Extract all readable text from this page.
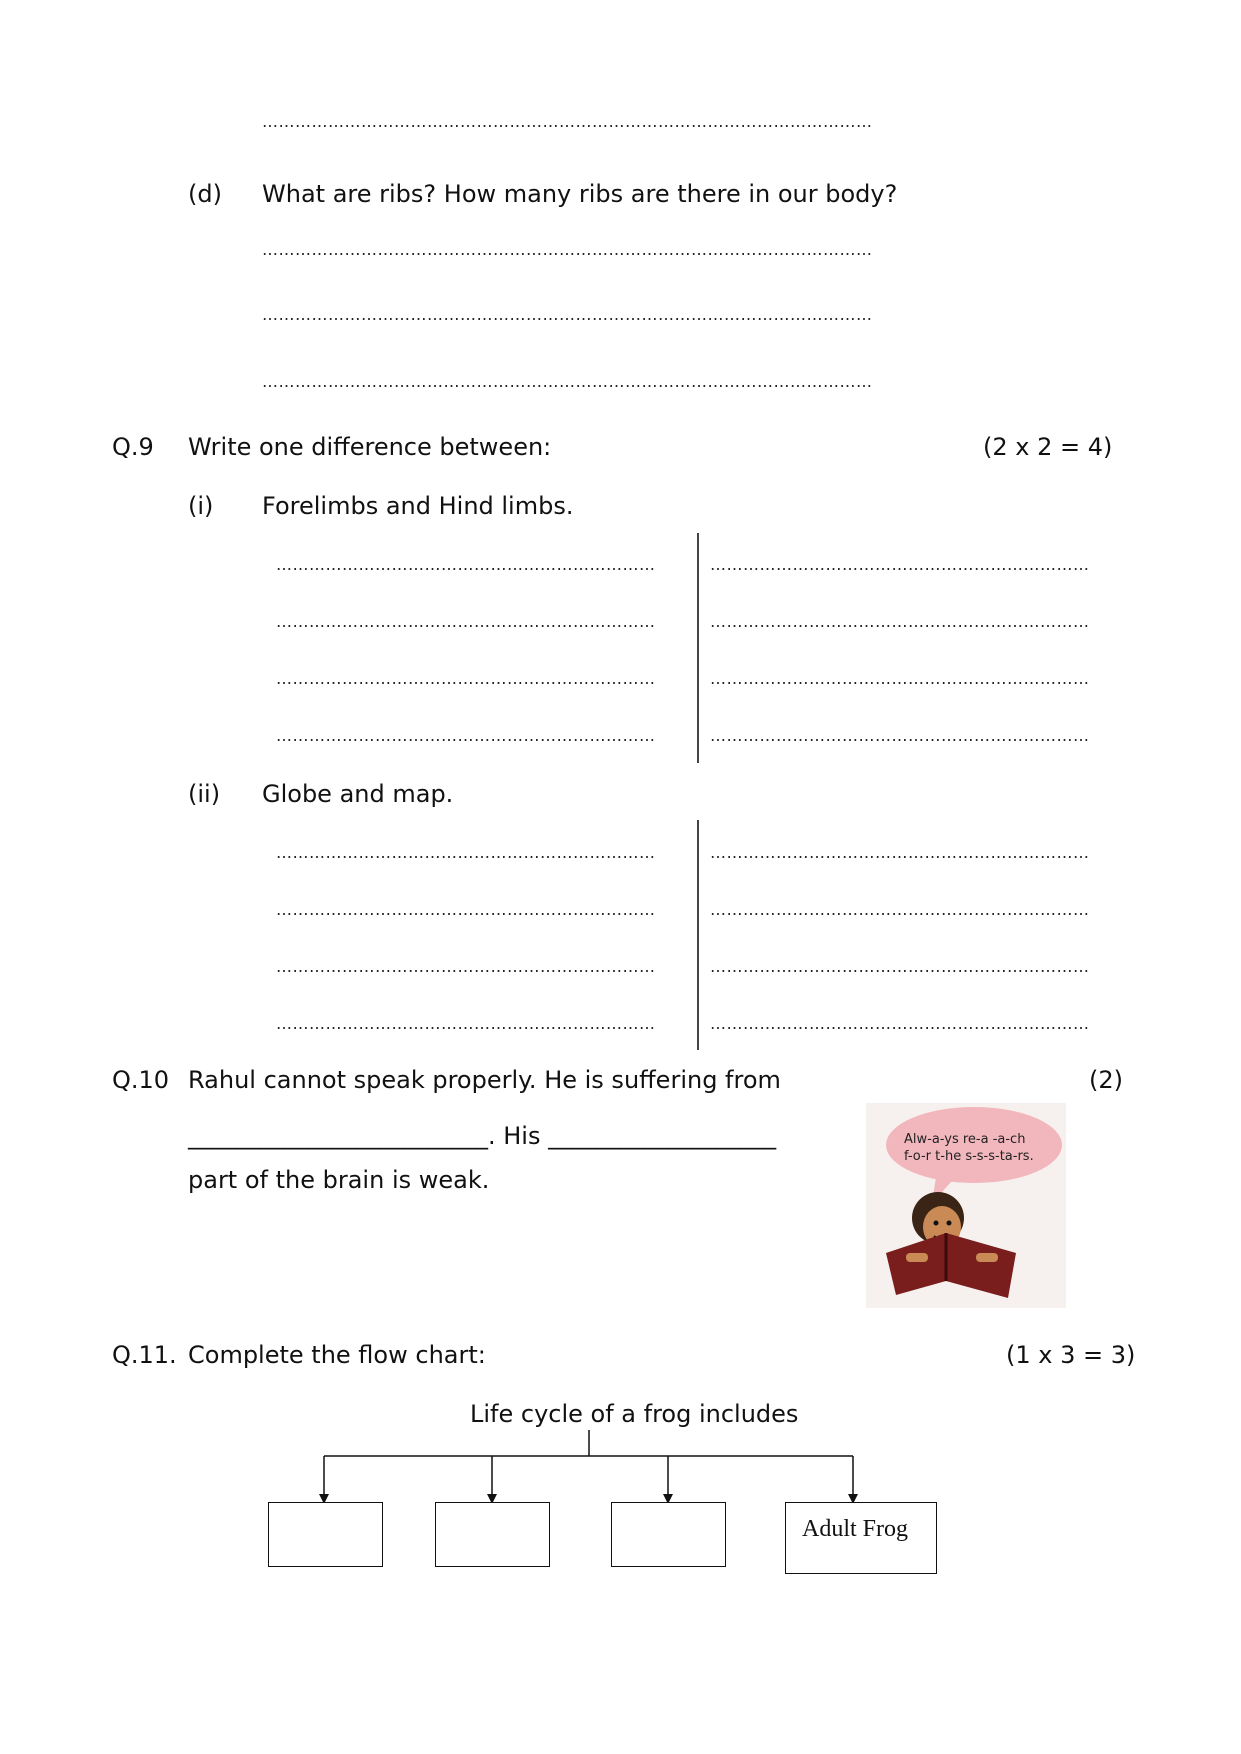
…………………………………………………………………………………………………
(d) What are ribs? How many ribs are there in our body?
…………………………………………………………………………………………………
…………………………………………………………………………………………………
…………………………………………………………………………………………………
Q.9 Write one difference between:	(2 x 2 = 4)
(i) Forelimbs and Hind limbs.
……………………………………………………………	……………………………………………………………
……………………………………………………………	……………………………………………………………
……………………………………………………………	……………………………………………………………
……………………………………………………………	……………………………………………………………
(ii) Globe and map.
……………………………………………………………	……………………………………………………………
……………………………………………………………	……………………………………………………………
……………………………………………………………	……………………………………………………………
……………………………………………………………	……………………………………………………………
Q.10 Rahul cannot speak properly. He is suffering from	(2)
_________________________. His ___________________
part of the brain is weak.
Alw-a-ys re-a -a-ch
f-o-r t-he s-s-s-ta-rs.
Q.11. Complete the flow chart:	(1 x 3 = 3)
Life cycle of a frog includes
Adult Frog
